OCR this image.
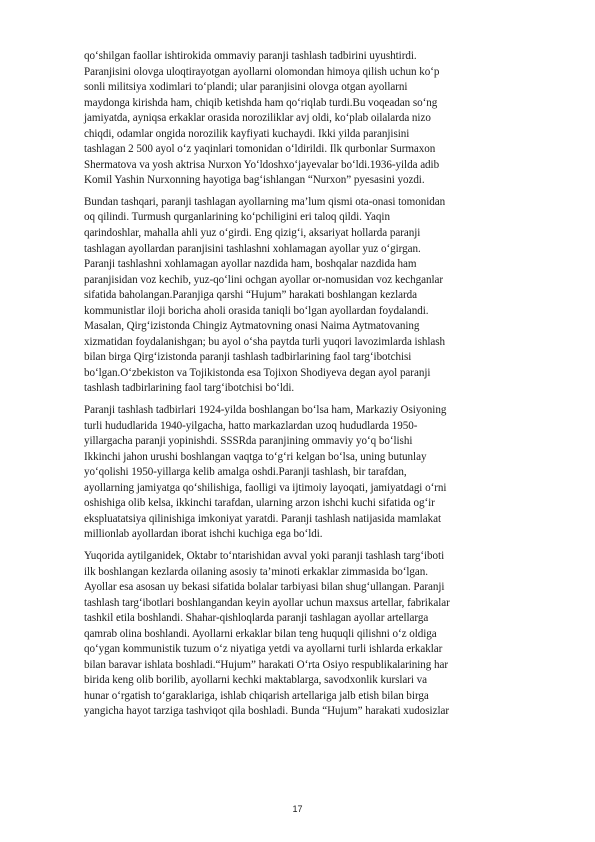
qo‘shilgan faollar ishtirokida ommaviy paranji tashlash tadbirini uyushtirdi.
Paranjisini olovga uloqtirayotgan ayollarni olomondan himoya qilish uchun ko‘p
sonli militsiya xodimlari to‘plandi; ular paranjisini olovga otgan ayollarni
maydonga kirishda ham, chiqib ketishda ham qo‘riqlab turdi.Bu voqeadan so‘ng
jamiyatda, ayniqsa erkaklar orasida noroziliklar avj oldi, ko‘plab oilalarda nizo
chiqdi, odamlar ongida norozilik kayfiyati kuchaydi. Ikki yilda paranjisini
tashlagan 2 500 ayol o‘z yaqinlari tomonidan o‘ldirildi. Ilk qurbonlar Surmaxon
Shermatova va yosh aktrisa Nurxon Yo‘ldoshxo‘jayevalar bo‘ldi.1936-yilda adib
Komil Yashin Nurxonning hayotiga bag‘ishlangan “Nurxon” pyesasini yozdi.

Bundan tashqari, paranji tashlagan ayollarning ma’lum qismi ota-onasi tomonidan
oq qilindi. Turmush qurganlarining ko‘pchiligini eri taloq qildi. Yaqin
qarindoshlar, mahalla ahli yuz o‘girdi. Eng qizig‘i, aksariyat hollarda paranji
tashlagan ayollardan paranjisini tashlashni xohlamagan ayollar yuz o‘girgan.
Paranji tashlashni xohlamagan ayollar nazdida ham, boshqalar nazdida ham
paranjisidan voz kechib, yuz-qo‘lini ochgan ayollar or-nomusidan voz kechganlar
sifatida baholangan.Paranjiga qarshi “Hujum” harakati boshlangan kezlarda
kommunistlar iloji boricha aholi orasida taniqli bo‘lgan ayollardan foydalandi.
Masalan, Qirg‘izistonda Chingiz Aytmatovning onasi Naima Aytmatovaning
xizmatidan foydalanishgan; bu ayol o‘sha paytda turli yuqori lavozimlarda ishlash
bilan birga Qirg‘izistonda paranji tashlash tadbirlarining faol targ‘ibotchisi
bo‘lgan.O‘zbekiston va Tojikistonda esa Tojixon Shodiyeva degan ayol paranji
tashlash tadbirlarining faol targ‘ibotchisi bo‘ldi.

Paranji tashlash tadbirlari 1924-yilda boshlangan bo‘lsa ham, Markaziy Osiyoning
turli hududlarida 1940-yilgacha, hatto markazlardan uzoq hududlarda 1950-
yillargacha paranji yopinishdi. SSSRda paranjining ommaviy yo‘q bo‘lishi
Ikkinchi jahon urushi boshlangan vaqtga to‘g‘ri kelgan bo‘lsa, uning butunlay
yo‘qolishi 1950-yillarga kelib amalga oshdi.Paranji tashlash, bir tarafdan,
ayollarning jamiyatga qo‘shilishiga, faolligi va ijtimoiy layoqati, jamiyatdagi o‘rni
oshishiga olib kelsa, ikkinchi tarafdan, ularning arzon ishchi kuchi sifatida og‘ir
ekspluatatsiya qilinishiga imkoniyat yaratdi. Paranji tashlash natijasida mamlakat
millionlab ayollardan iborat ishchi kuchiga ega bo‘ldi.

Yuqorida aytilganidek, Oktabr to‘ntarishidan avval yoki paranji tashlash targ‘iboti
ilk boshlangan kezlarda oilaning asosiy ta’minoti erkaklar zimmasida bo‘lgan.
Ayollar esa asosan uy bekasi sifatida bolalar tarbiyasi bilan shug‘ullangan. Paranji
tashlash targ‘ibotlari boshlangandan keyin ayollar uchun maxsus artellar, fabrikalar
tashkil etila boshlandi. Shahar-qishloqlarda paranji tashlagan ayollar artellarga
qamrab olina boshlandi. Ayollarni erkaklar bilan teng huquqli qilishni o‘z oldiga
qo‘ygan kommunistik tuzum o‘z niyatiga yetdi va ayollarni turli ishlarda erkaklar
bilan baravar ishlata boshladi.“Hujum” harakati O‘rta Osiyo respublikalarining har
birida keng olib borilib, ayollarni kechki maktablarga, savodxonlik kurslari va
hunar o‘rgatish to‘garaklariga, ishlab chiqarish artellariga jalb etish bilan birga
yangicha hayot tarziga tashviqot qila boshladi. Bunda “Hujum” harakati xudosizlar

17
